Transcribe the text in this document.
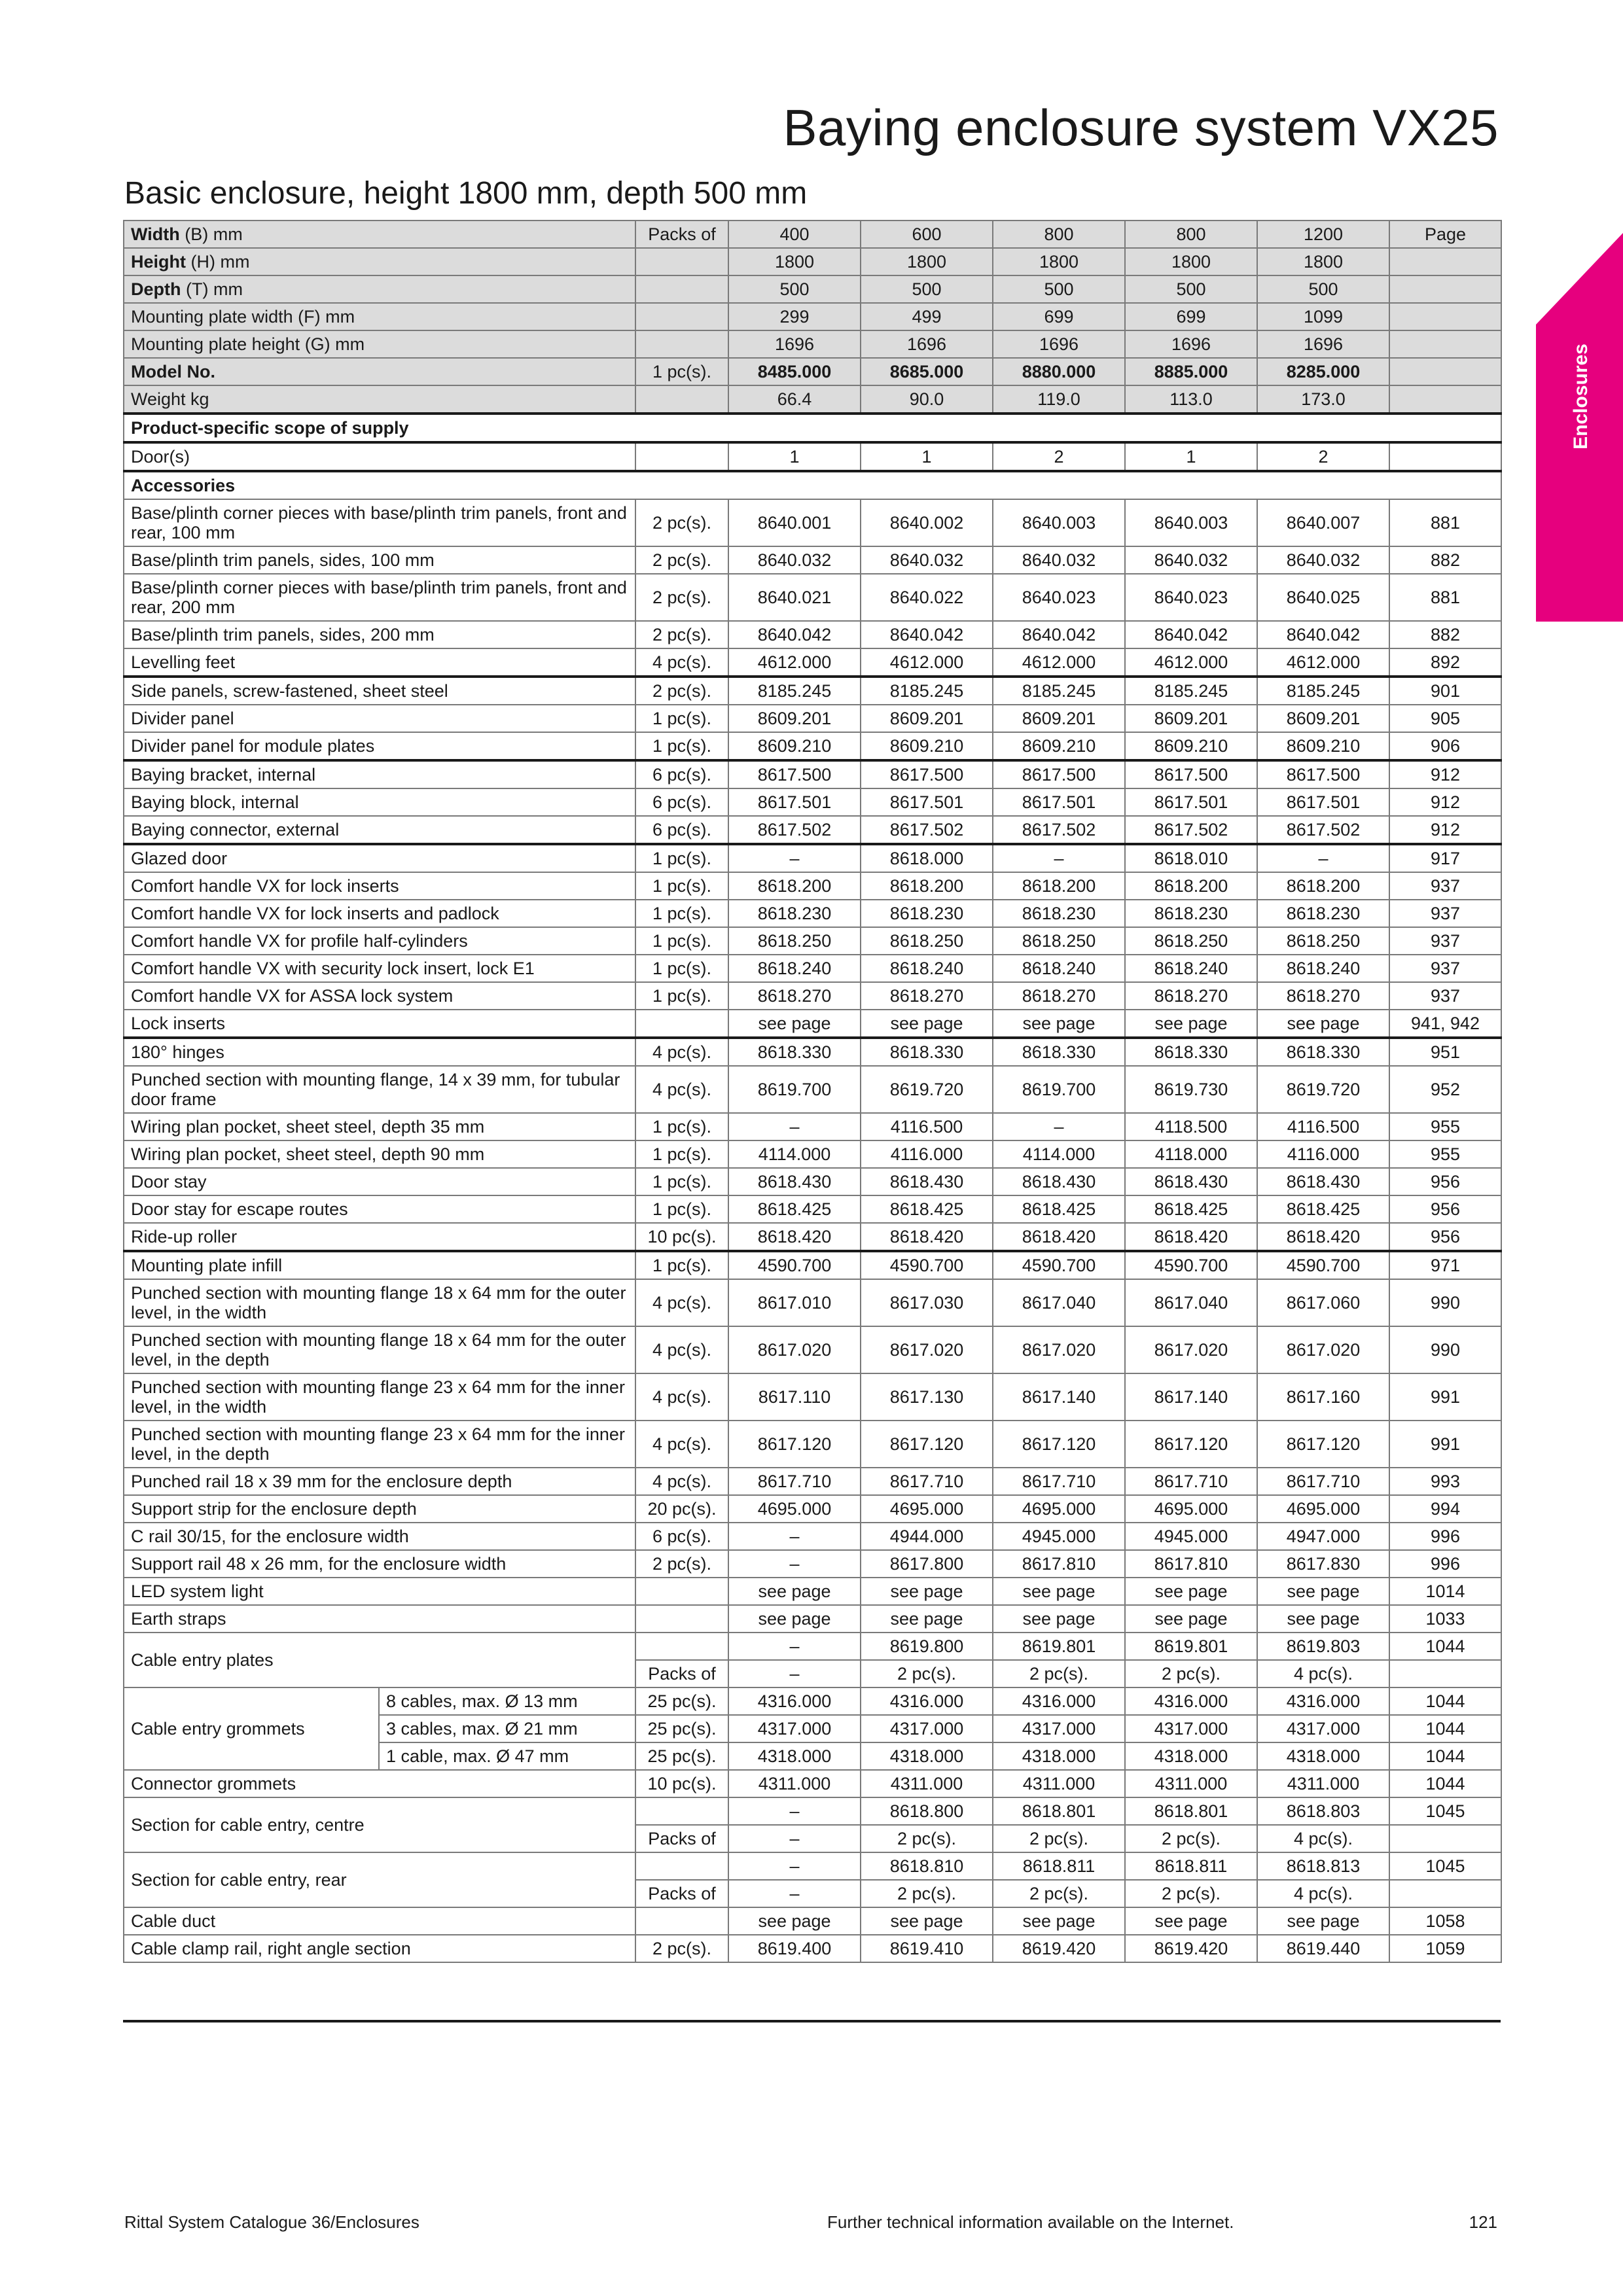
Baying enclosure system VX25
Basic enclosure, height 1800 mm, depth 500 mm
Enclosures
Width (B) mm		Packs of	400	600	800	800	1200	Page
Height (H) mm			1800	1800	1800	1800	1800	
Depth (T) mm			500	500	500	500	500	
Mounting plate width (F) mm			299	499	699	699	1099	
Mounting plate height (G) mm			1696	1696	1696	1696	1696	
Model No.		1 pc(s).	8485.000	8685.000	8880.000	8885.000	8285.000	
Weight kg			66.4	90.0	119.0	113.0	173.0	
Product-specific scope of supply								
Door(s)			1	1	2	1	2	
Accessories								
Base/plinth corner pieces with base/plinth trim panels, front and rear, 100 mm		2 pc(s).	8640.001	8640.002	8640.003	8640.003	8640.007	881
Base/plinth trim panels, sides, 100 mm		2 pc(s).	8640.032	8640.032	8640.032	8640.032	8640.032	882
Base/plinth corner pieces with base/plinth trim panels, front and rear, 200 mm		2 pc(s).	8640.021	8640.022	8640.023	8640.023	8640.025	881
Base/plinth trim panels, sides, 200 mm		2 pc(s).	8640.042	8640.042	8640.042	8640.042	8640.042	882
Levelling feet		4 pc(s).	4612.000	4612.000	4612.000	4612.000	4612.000	892
Side panels, screw-fastened, sheet steel		2 pc(s).	8185.245	8185.245	8185.245	8185.245	8185.245	901
Divider panel		1 pc(s).	8609.201	8609.201	8609.201	8609.201	8609.201	905
Divider panel for module plates		1 pc(s).	8609.210	8609.210	8609.210	8609.210	8609.210	906
Baying bracket, internal		6 pc(s).	8617.500	8617.500	8617.500	8617.500	8617.500	912
Baying block, internal		6 pc(s).	8617.501	8617.501	8617.501	8617.501	8617.501	912
Baying connector, external		6 pc(s).	8617.502	8617.502	8617.502	8617.502	8617.502	912
Glazed door		1 pc(s).	–	8618.000	–	8618.010	–	917
Comfort handle VX for lock inserts		1 pc(s).	8618.200	8618.200	8618.200	8618.200	8618.200	937
Comfort handle VX for lock inserts and padlock		1 pc(s).	8618.230	8618.230	8618.230	8618.230	8618.230	937
Comfort handle VX for profile half-cylinders		1 pc(s).	8618.250	8618.250	8618.250	8618.250	8618.250	937
Comfort handle VX with security lock insert, lock E1		1 pc(s).	8618.240	8618.240	8618.240	8618.240	8618.240	937
Comfort handle VX for ASSA lock system		1 pc(s).	8618.270	8618.270	8618.270	8618.270	8618.270	937
Lock inserts			see page	see page	see page	see page	see page	941, 942
180° hinges		4 pc(s).	8618.330	8618.330	8618.330	8618.330	8618.330	951
Punched section with mounting flange, 14 x 39 mm, for tubular door frame		4 pc(s).	8619.700	8619.720	8619.700	8619.730	8619.720	952
Wiring plan pocket, sheet steel, depth 35 mm		1 pc(s).	–	4116.500	–	4118.500	4116.500	955
Wiring plan pocket, sheet steel, depth 90 mm		1 pc(s).	4114.000	4116.000	4114.000	4118.000	4116.000	955
Door stay		1 pc(s).	8618.430	8618.430	8618.430	8618.430	8618.430	956
Door stay for escape routes		1 pc(s).	8618.425	8618.425	8618.425	8618.425	8618.425	956
Ride-up roller		10 pc(s).	8618.420	8618.420	8618.420	8618.420	8618.420	956
Mounting plate infill		1 pc(s).	4590.700	4590.700	4590.700	4590.700	4590.700	971
Punched section with mounting flange 18 x 64 mm for the outer level, in the width		4 pc(s).	8617.010	8617.030	8617.040	8617.040	8617.060	990
Punched section with mounting flange 18 x 64 mm for the outer level, in the depth		4 pc(s).	8617.020	8617.020	8617.020	8617.020	8617.020	990
Punched section with mounting flange 23 x 64 mm for the inner level, in the width		4 pc(s).	8617.110	8617.130	8617.140	8617.140	8617.160	991
Punched section with mounting flange 23 x 64 mm for the inner level, in the depth		4 pc(s).	8617.120	8617.120	8617.120	8617.120	8617.120	991
Punched rail 18 x 39 mm for the enclosure depth		4 pc(s).	8617.710	8617.710	8617.710	8617.710	8617.710	993
Support strip for the enclosure depth		20 pc(s).	4695.000	4695.000	4695.000	4695.000	4695.000	994
C rail 30/15, for the enclosure width		6 pc(s).	–	4944.000	4945.000	4945.000	4947.000	996
Support rail 48 x 26 mm, for the enclosure width		2 pc(s).	–	8617.800	8617.810	8617.810	8617.830	996
LED system light			see page	see page	see page	see page	see page	1014
Earth straps			see page	see page	see page	see page	see page	1033
Cable entry plates			–	8619.800	8619.801	8619.801	8619.803	1044
		Packs of	–	2 pc(s).	2 pc(s).	2 pc(s).	4 pc(s).	
Cable entry grommets	8 cables, max. Ø 13 mm	25 pc(s).	4316.000	4316.000	4316.000	4316.000	4316.000	1044
	3 cables, max. Ø 21 mm	25 pc(s).	4317.000	4317.000	4317.000	4317.000	4317.000	1044
	1 cable, max. Ø 47 mm	25 pc(s).	4318.000	4318.000	4318.000	4318.000	4318.000	1044
Connector grommets		10 pc(s).	4311.000	4311.000	4311.000	4311.000	4311.000	1044
Section for cable entry, centre			–	8618.800	8618.801	8618.801	8618.803	1045
		Packs of	–	2 pc(s).	2 pc(s).	2 pc(s).	4 pc(s).	
Section for cable entry, rear			–	8618.810	8618.811	8618.811	8618.813	1045
		Packs of	–	2 pc(s).	2 pc(s).	2 pc(s).	4 pc(s).	
Cable duct			see page	see page	see page	see page	see page	1058
Cable clamp rail, right angle section		2 pc(s).	8619.400	8619.410	8619.420	8619.420	8619.440	1059
Rittal System Catalogue 36/Enclosures	Further technical information available on the Internet.	121
